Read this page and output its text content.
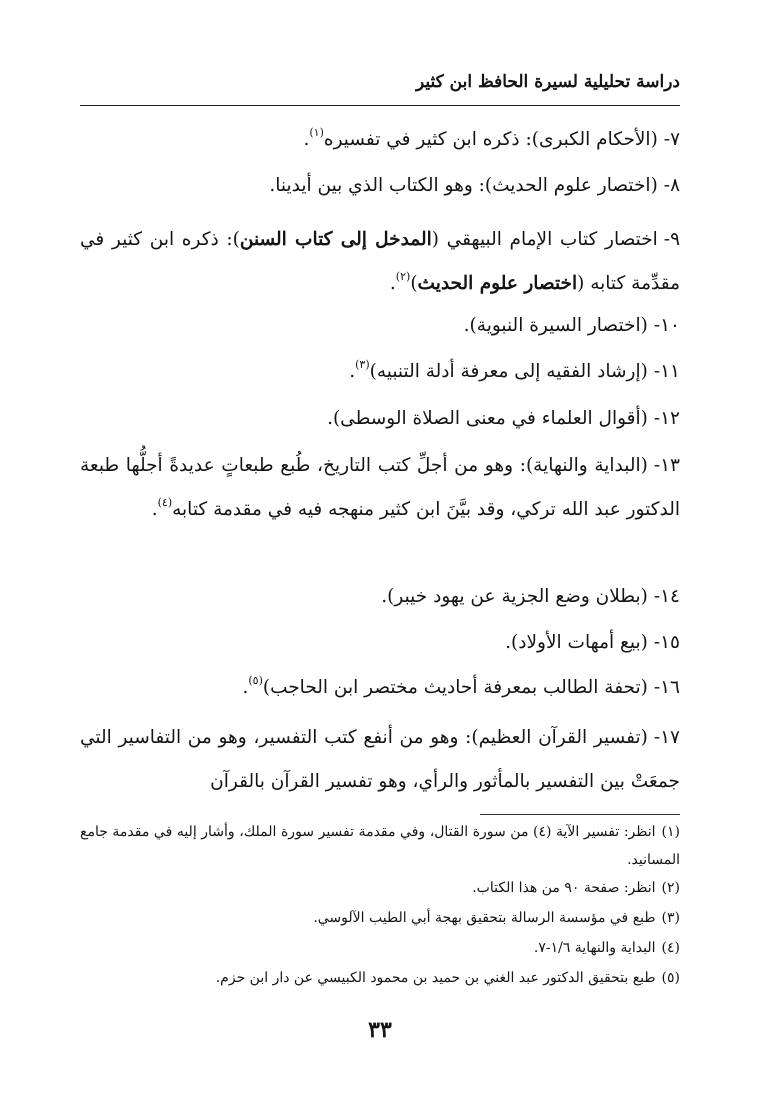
دراسة تحليلية لسيرة الحافظ ابن كثير
٧-(الأحكام الكبرى): ذكره ابن كثير في تفسيره$^{(١)}$.
٨-(اختصار علوم الحديث): وهو الكتاب الذي بين أيدينا.
٩-اختصار كتاب الإمام البيهقي (المدخل إلى كتاب السنن): ذكره ابن كثير في مقدِّمة كتابه (اختصار علوم الحديث)$^{(٢)}$.
١٠-(اختصار السيرة النبوية).
١١-(إرشاد الفقيه إلى معرفة أدلة التنبيه)$^{(٣)}$.
١٢-(أقوال العلماء في معنى الصلاة الوسطى).
١٣-(البداية والنهاية): وهو من أجلِّ كتب التاريخ، طُبع طبعاتٍ عديدةً أجلُّها طبعة الدكتور عبد الله تركي، وقد بيَّنَ ابن كثير منهجه فيه في مقدمة كتابه$^{(٤)}$.
١٤-(بطلان وضع الجزية عن يهود خيبر).
١٥-(بيع أمهات الأولاد).
١٦-(تحفة الطالب بمعرفة أحاديث مختصر ابن الحاجب)$^{(٥)}$.
١٧-(تفسير القرآن العظيم): وهو من أنفع كتب التفسير، وهو من التفاسير التي جمعَتْ بين التفسير بالمأثور والرأي، وهو تفسير القرآن بالقرآن
(١)انظر: تفسير الآية (٤) من سورة القتال، وفي مقدمة تفسير سورة الملك، وأشار إليه في مقدمة جامع المسانيد.
(٢)انظر: صفحة ٩٠ من هذا الكتاب.
(٣)طبع في مؤسسة الرسالة بتحقيق بهجة أبي الطيب الآلوسي.
(٤)البداية والنهاية ١/٦-٧.
(٥)طبع بتحقيق الدكتور عبد الغني بن حميد بن محمود الكبيسي عن دار ابن حزم.
٣٣
